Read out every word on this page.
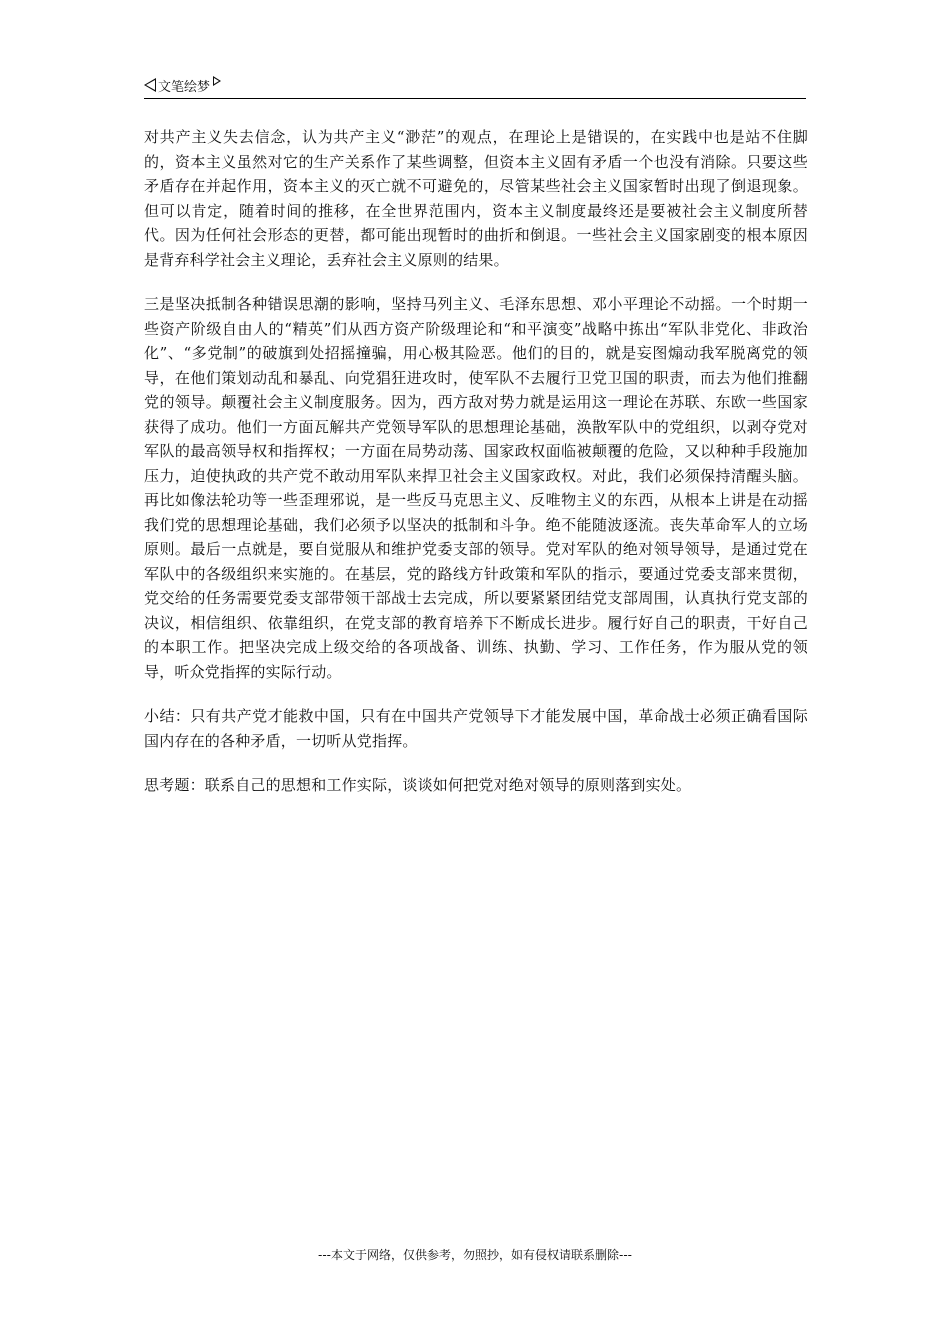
文笔绘梦

对共产主义失去信念，认为共产主义“渺茫”的观点，在理论上是错误的，在实践中也是站不住脚的，资本主义虽然对它的生产关系作了某些调整，但资本主义固有矛盾一个也没有消除。只要这些矛盾存在并起作用，资本主义的灭亡就不可避免的，尽管某些社会主义国家暂时出现了倒退现象。但可以肯定，随着时间的推移，在全世界范围内，资本主义制度最终还是要被社会主义制度所替代。因为任何社会形态的更替，都可能出现暂时的曲折和倒退。一些社会主义国家剧变的根本原因是背弃科学社会主义理论，丢弃社会主义原则的结果。

三是坚决抵制各种错误思潮的影响，坚持马列主义、毛泽东思想、邓小平理论不动摇。一个时期一些资产阶级自由人的“精英”们从西方资产阶级理论和“和平演变”战略中拣出“军队非党化、非政治化”、“多党制”的破旗到处招摇撞骗，用心极其险恶。他们的目的，就是妄图煽动我军脱离党的领导，在他们策划动乱和暴乱、向党猖狂进攻时，使军队不去履行卫党卫国的职责，而去为他们推翻党的领导。颠覆社会主义制度服务。因为，西方敌对势力就是运用这一理论在苏联、东欧一些国家获得了成功。他们一方面瓦解共产党领导军队的思想理论基础，涣散军队中的党组织，以剥夺党对军队的最高领导权和指挥权；一方面在局势动荡、国家政权面临被颠覆的危险，又以种种手段施加压力，迫使执政的共产党不敢动用军队来捍卫社会主义国家政权。对此，我们必须保持清醒头脑。再比如像法轮功等一些歪理邪说，是一些反马克思主义、反唯物主义的东西，从根本上讲是在动摇我们党的思想理论基础，我们必须予以坚决的抵制和斗争。绝不能随波逐流。丧失革命军人的立场原则。最后一点就是，要自觉服从和维护党委支部的领导。党对军队的绝对领导领导，是通过党在军队中的各级组织来实施的。在基层，党的路线方针政策和军队的指示，要通过党委支部来贯彻，党交给的任务需要党委支部带领干部战士去完成，所以要紧紧团结党支部周围，认真执行党支部的决议，相信组织、依靠组织，在党支部的教育培养下不断成长进步。履行好自己的职责，干好自己的本职工作。把坚决完成上级交给的各项战备、训练、执勤、学习、工作任务，作为服从党的领导，听众党指挥的实际行动。

小结：只有共产党才能救中国，只有在中国共产党领导下才能发展中国，革命战士必须正确看国际国内存在的各种矛盾，一切听从党指挥。

思考题：联系自己的思想和工作实际，谈谈如何把党对绝对领导的原则落到实处。

---本文于网络，仅供参考，勿照抄，如有侵权请联系删除---
